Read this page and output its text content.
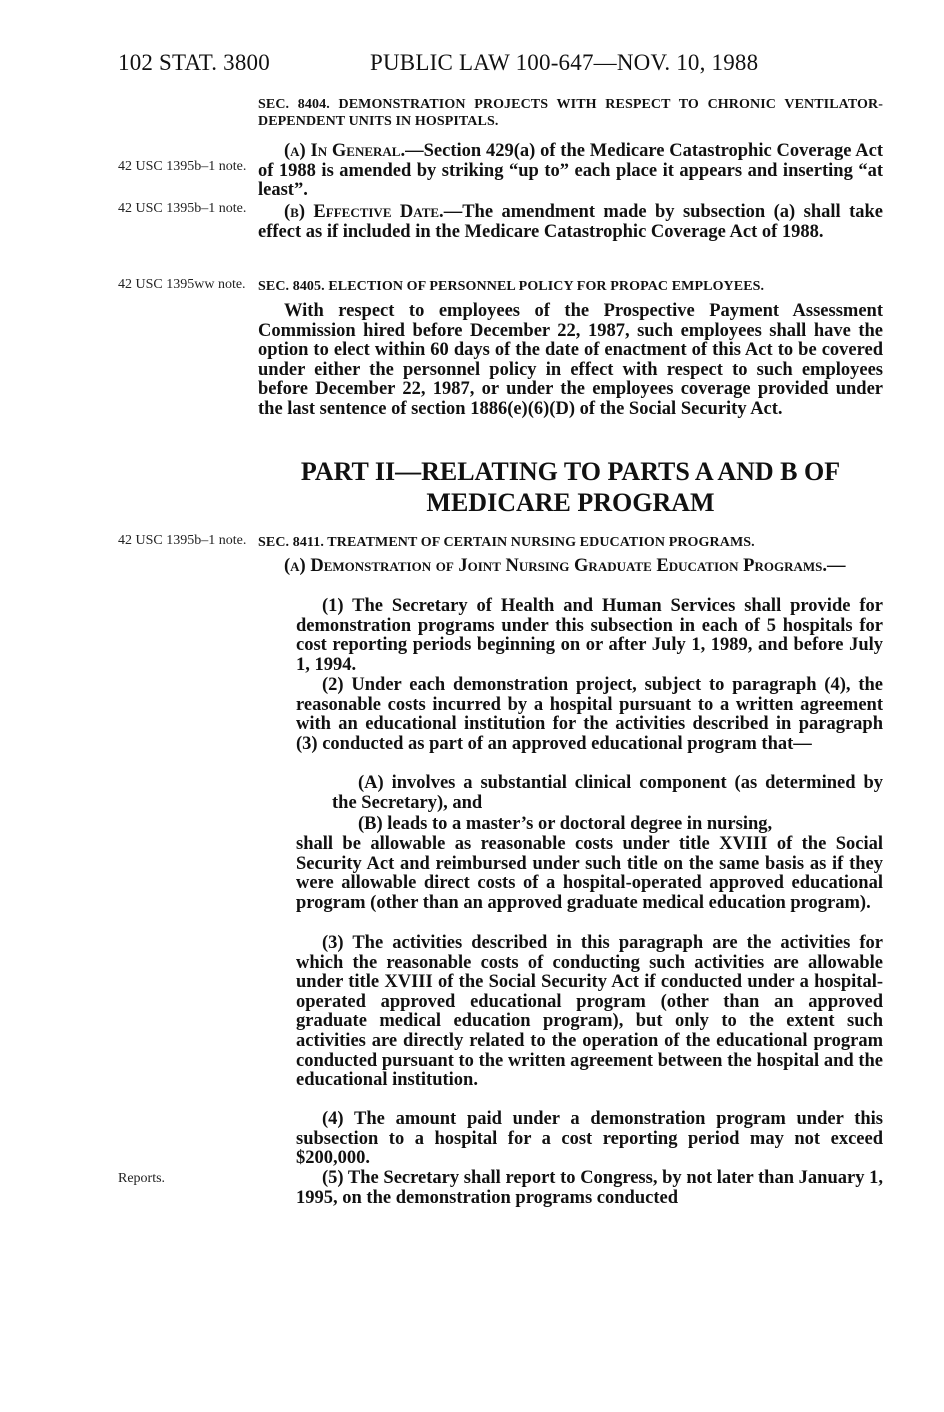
102 STAT. 3800	PUBLIC LAW 100-647—NOV. 10, 1988
42 USC 1395b–1 note.
42 USC 1395b–1 note.
42 USC 1395ww note.
42 USC 1395b–1 note.
Reports.
SEC. 8404. DEMONSTRATION PROJECTS WITH RESPECT TO CHRONIC VENTILATOR-DEPENDENT UNITS IN HOSPITALS.
(a) In General.—Section 429(a) of the Medicare Catastrophic Coverage Act of 1988 is amended by striking “up to” each place it appears and inserting “at least”.
(b) Effective Date.—The amendment made by subsection (a) shall take effect as if included in the Medicare Catastrophic Coverage Act of 1988.
SEC. 8405. ELECTION OF PERSONNEL POLICY FOR PROPAC EMPLOYEES.
With respect to employees of the Prospective Payment Assessment Commission hired before December 22, 1987, such employees shall have the option to elect within 60 days of the date of enactment of this Act to be covered under either the personnel policy in effect with respect to such employees before December 22, 1987, or under the employees coverage provided under the last sentence of section 1886(e)(6)(D) of the Social Security Act.
PART II—RELATING TO PARTS A AND B OF
MEDICARE PROGRAM
SEC. 8411. TREATMENT OF CERTAIN NURSING EDUCATION PROGRAMS.
(a) Demonstration of Joint Nursing Graduate Education Programs.—
(1) The Secretary of Health and Human Services shall provide for demonstration programs under this subsection in each of 5 hospitals for cost reporting periods beginning on or after July 1, 1989, and before July 1, 1994.
(2) Under each demonstration project, subject to paragraph (4), the reasonable costs incurred by a hospital pursuant to a written agreement with an educational institution for the activities described in paragraph (3) conducted as part of an approved educational program that—
(A) involves a substantial clinical component (as determined by the Secretary), and
(B) leads to a master’s or doctoral degree in nursing,
shall be allowable as reasonable costs under title XVIII of the Social Security Act and reimbursed under such title on the same basis as if they were allowable direct costs of a hospital-operated approved educational program (other than an approved graduate medical education program).
(3) The activities described in this paragraph are the activities for which the reasonable costs of conducting such activities are allowable under title XVIII of the Social Security Act if conducted under a hospital-operated approved educational program (other than an approved graduate medical education program), but only to the extent such activities are directly related to the operation of the educational program conducted pursuant to the written agreement between the hospital and the educational institution.
(4) The amount paid under a demonstration program under this subsection to a hospital for a cost reporting period may not exceed $200,000.
(5) The Secretary shall report to Congress, by not later than January 1, 1995, on the demonstration programs conducted
